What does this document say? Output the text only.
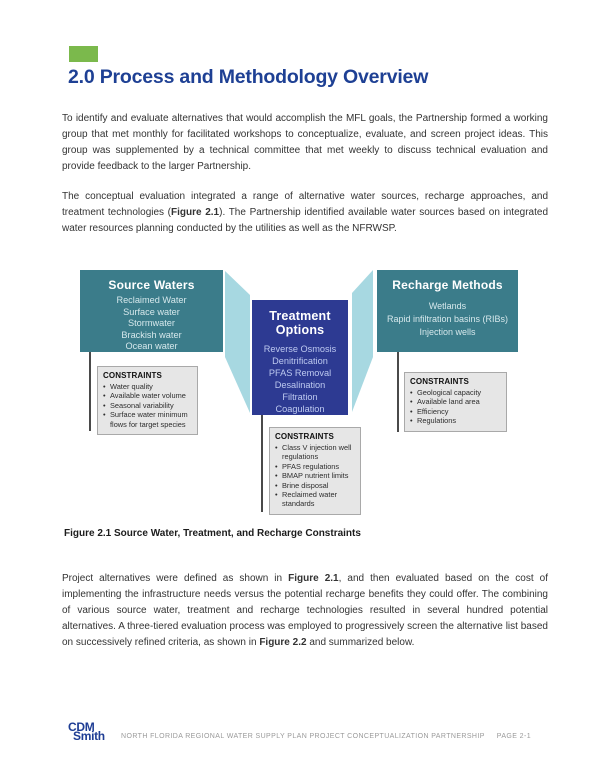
2.0 Process and Methodology Overview

To identify and evaluate alternatives that would accomplish the MFL goals, the Partnership formed a working group that met monthly for facilitated workshops to conceptualize, evaluate, and screen project ideas. This group was supplemented by a technical committee that met weekly to discuss technical evaluation and provide feedback to the larger Partnership.

The conceptual evaluation integrated a range of alternative water sources, recharge approaches, and treatment technologies (Figure 2.1). The Partnership identified available water sources based on integrated water resources planning conducted by the utilities as well as the NFRWSP.

Source Waters
Reclaimed Water
Surface water
Stormwater
Brackish water
Ocean water
Treatment Options
Reverse Osmosis
Denitrification
PFAS Removal
Desalination
Filtration
Coagulation
Recharge Methods
Wetlands
Rapid infiltration basins (RIBs)
Injection wells
CONSTRAINTS
• Water quality
• Available water volume
• Seasonal variability
• Surface water minimum flows for target species
CONSTRAINTS
• Class V injection well regulations
• PFAS regulations
• BMAP nutrient limits
• Brine disposal
• Reclaimed water standards
CONSTRAINTS
• Geological capacity
• Available land area
• Efficiency
• Regulations

Figure 2.1 Source Water, Treatment, and Recharge Constraints

Project alternatives were defined as shown in Figure 2.1, and then evaluated based on the cost of implementing the infrastructure needs versus the potential recharge benefits they could offer. The combining of various source water, treatment and recharge technologies resulted in several hundred potential alternatives. A three-tiered evaluation process was employed to progressively screen the alternative list based on successively refined criteria, as shown in Figure 2.2 and summarized below.

CDM
Smith NORTH FLORIDA REGIONAL WATER SUPPLY PLAN PROJECT CONCEPTUALIZATION PARTNERSHIP PAGE 2-1
